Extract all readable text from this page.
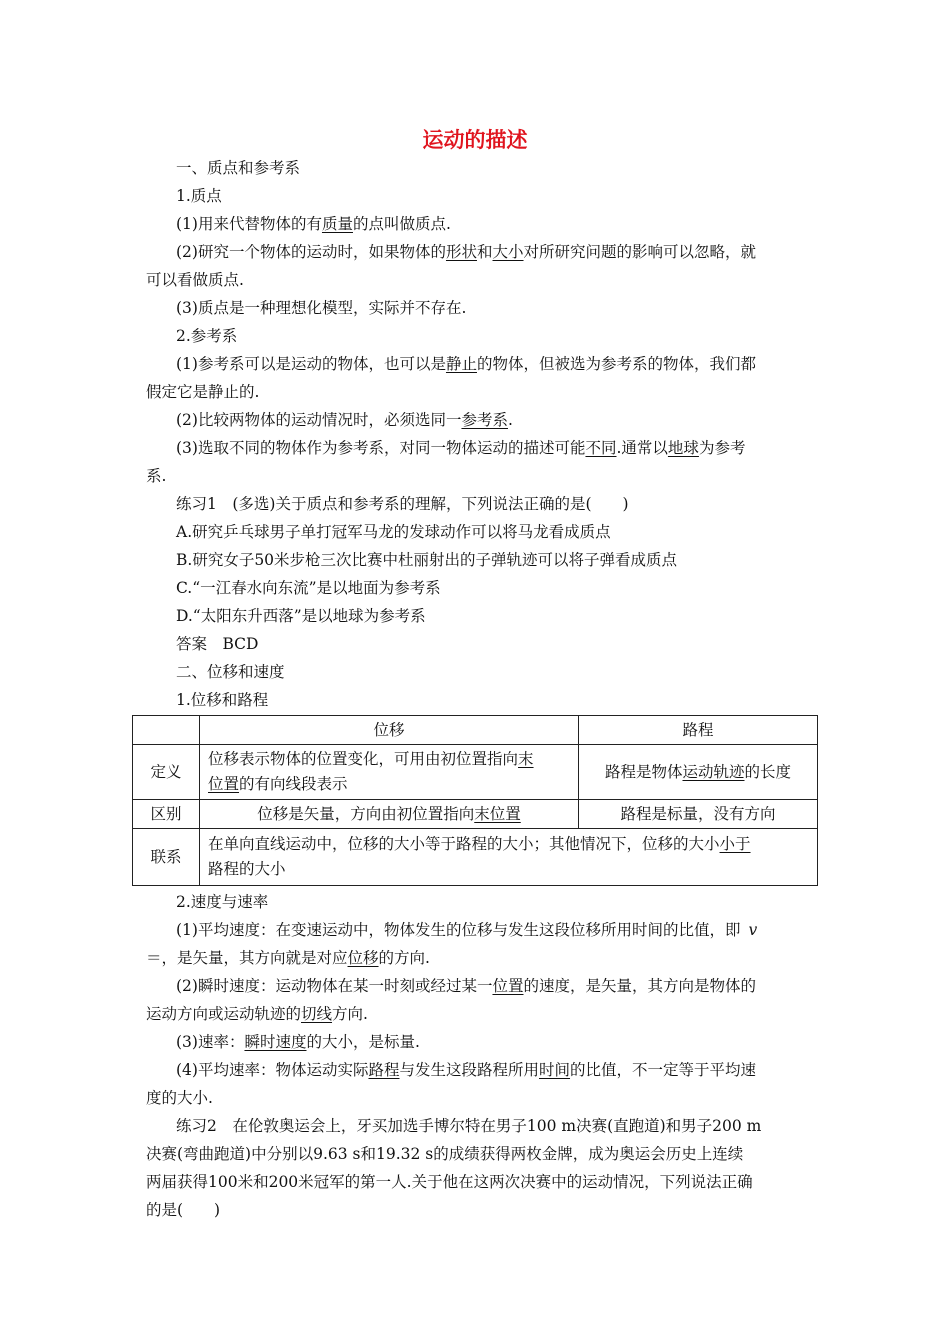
运动的描述
一、质点和参考系
1.质点
(1)用来代替物体的有质量的点叫做质点.
(2)研究一个物体的运动时，如果物体的形状和大小对所研究问题的影响可以忽略，就
可以看做质点.
(3)质点是一种理想化模型，实际并不存在.
2.参考系
(1)参考系可以是运动的物体，也可以是静止的物体，但被选为参考系的物体，我们都
假定它是静止的.
(2)比较两物体的运动情况时，必须选同一参考系.
(3)选取不同的物体作为参考系，对同一物体运动的描述可能不同.通常以地球为参考
系.
练习1　(多选)关于质点和参考系的理解，下列说法正确的是(　　)
A.研究乒乓球男子单打冠军马龙的发球动作可以将马龙看成质点
B.研究女子50米步枪三次比赛中杜丽射出的子弹轨迹可以将子弹看成质点
C.“一江春水向东流”是以地面为参考系
D.“太阳东升西落”是以地球为参考系
答案　BCD
二、位移和速度
1.位移和路程
	位移	路程
定义	位移表示物体的位置变化，可用由初位置指向末
位置的有向线段表示	路程是物体运动轨迹的长度
区别	位移是矢量，方向由初位置指向末位置	路程是标量，没有方向
联系	在单向直线运动中，位移的大小等于路程的大小；其他情况下，位移的大小小于
路程的大小	
2.速度与速率
(1)平均速度：在变速运动中，物体发生的位移与发生这段位移所用时间的比值，即 v
＝，是矢量，其方向就是对应位移的方向.
(2)瞬时速度：运动物体在某一时刻或经过某一位置的速度，是矢量，其方向是物体的
运动方向或运动轨迹的切线方向.
(3)速率：瞬时速度的大小，是标量.
(4)平均速率：物体运动实际路程与发生这段路程所用时间的比值，不一定等于平均速
度的大小.
练习2　在伦敦奥运会上，牙买加选手博尔特在男子100 m决赛(直跑道)和男子200 m
决赛(弯曲跑道)中分别以9.63 s和19.32 s的成绩获得两枚金牌，成为奥运会历史上连续
两届获得100米和200米冠军的第一人.关于他在这两次决赛中的运动情况，下列说法正确
的是(　　)
